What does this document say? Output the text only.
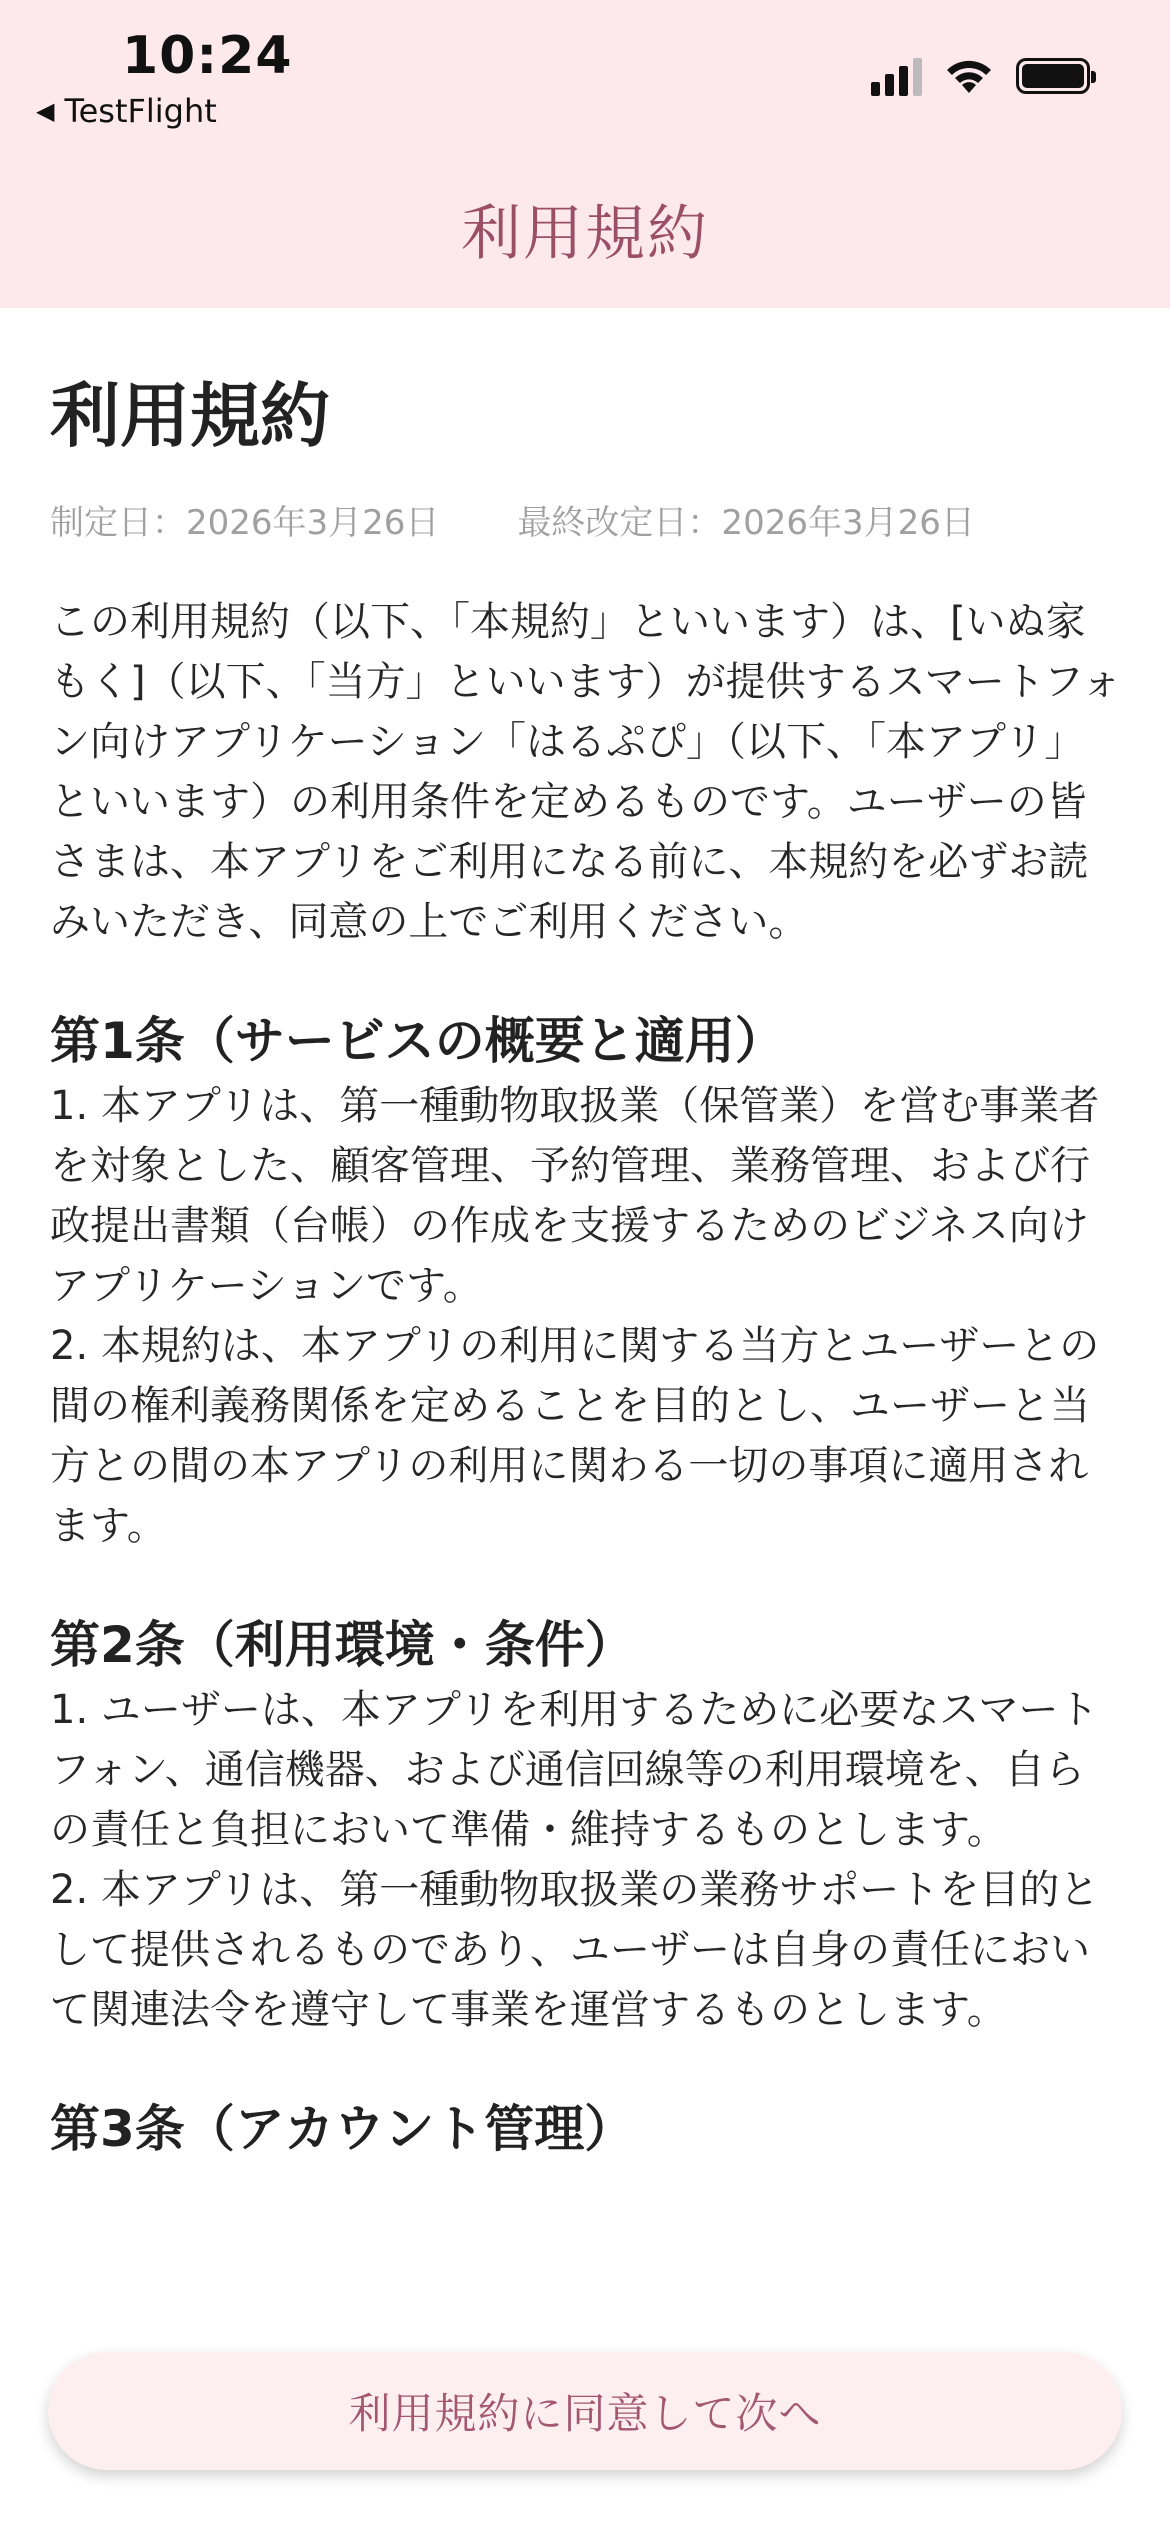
10:24
◀ TestFlight
利用規約
利用規約
制定日：2026年3月26日 最終改定日：2026年3月26日

この利用規約（以下、「本規約」といいます）は、[いぬ家もく]（以下、「当方」といいます）が提供するスマートフォン向けアプリケーション「はるぷぴ」（以下、「本アプリ」といいます）の利用条件を定めるものです。ユーザーの皆さまは、本アプリをご利用になる前に、本規約を必ずお読みいただき、同意の上でご利用ください。

第1条（サービスの概要と適用）

1. 本アプリは、第一種動物取扱業（保管業）を営む事業者を対象とした、顧客管理、予約管理、業務管理、および行政提出書類（台帳）の作成を支援するためのビジネス向けアプリケーションです。

2. 本規約は、本アプリの利用に関する当方とユーザーとの間の権利義務関係を定めることを目的とし、ユーザーと当方との間の本アプリの利用に関わる一切の事項に適用されます。

第2条（利用環境・条件）

1. ユーザーは、本アプリを利用するために必要なスマートフォン、通信機器、および通信回線等の利用環境を、自らの責任と負担において準備・維持するものとします。

2. 本アプリは、第一種動物取扱業の業務サポートを目的として提供されるものであり、ユーザーは自身の責任において関連法令を遵守して事業を運営するものとします。

第3条（アカウント管理）
利用規約に同意して次へ
